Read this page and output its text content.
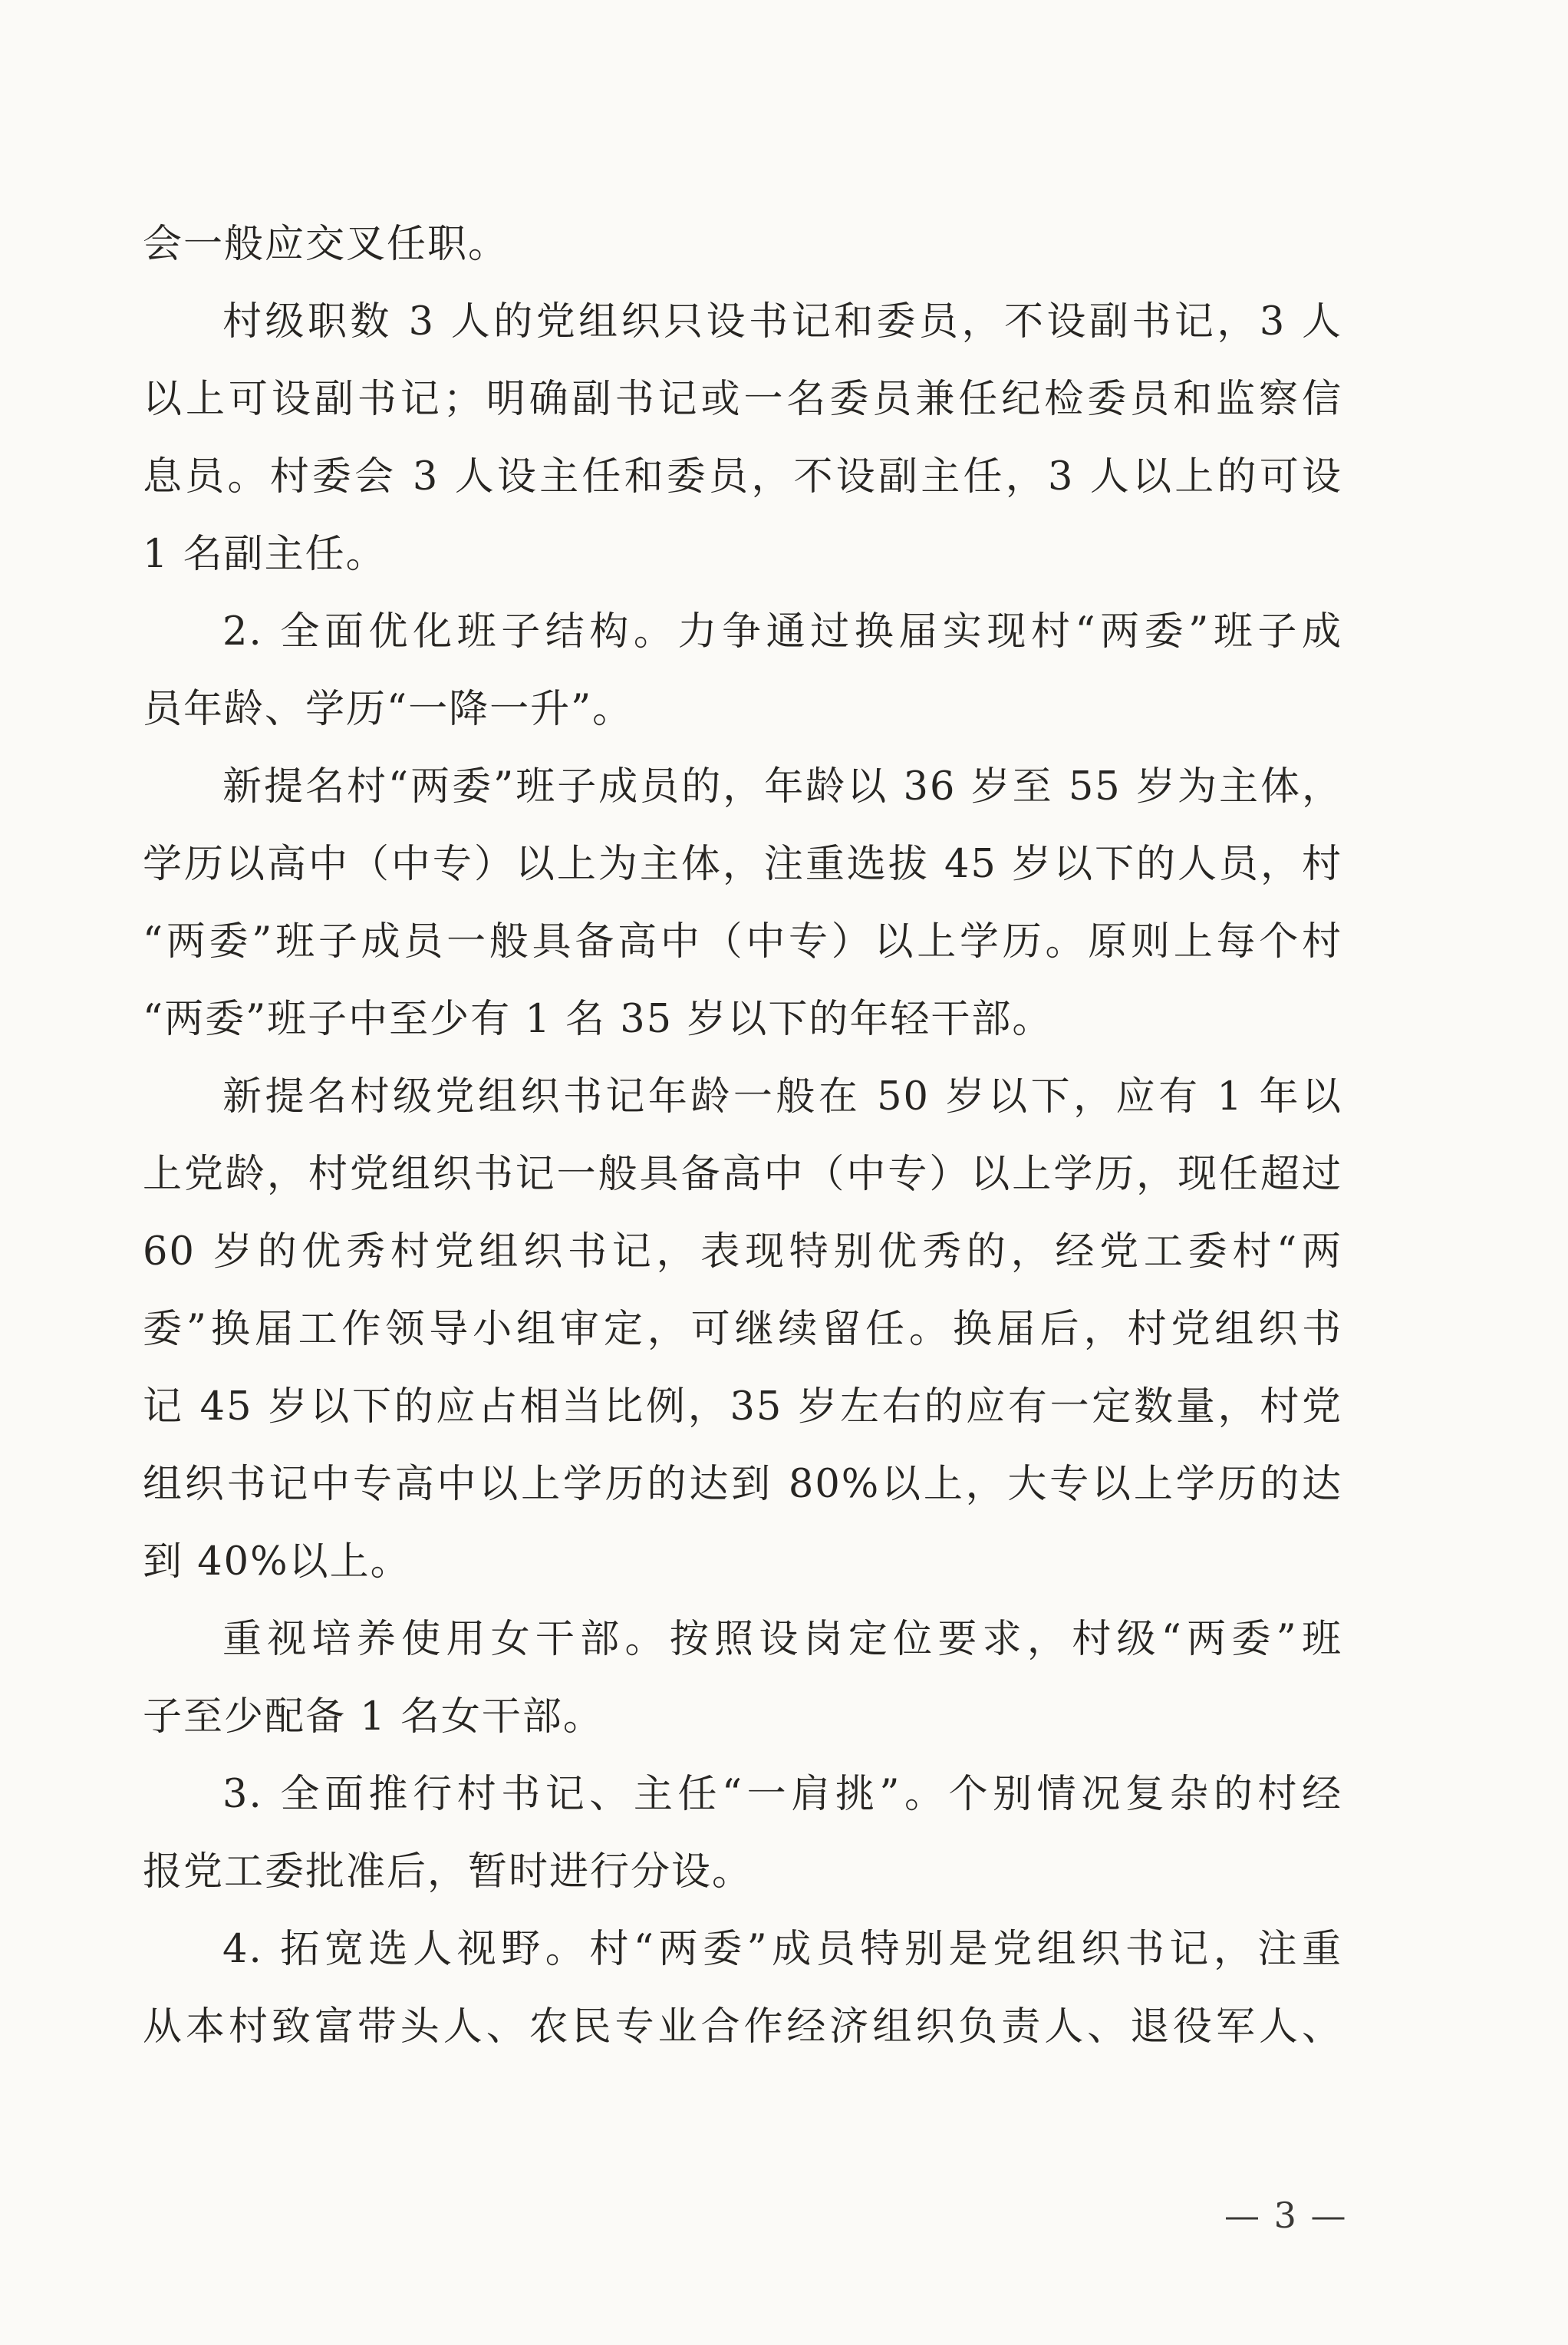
会一般应交叉任职。
村级职数 3 人的党组织只设书记和委员，不设副书记，3 人
以上可设副书记；明确副书记或一名委员兼任纪检委员和监察信
息员。村委会 3 人设主任和委员，不设副主任，3 人以上的可设
1 名副主任。
2. 全面优化班子结构。力争通过换届实现村“两委”班子成
员年龄、学历“一降一升”。
新提名村“两委”班子成员的，年龄以 36 岁至 55 岁为主体，
学历以高中（中专）以上为主体，注重选拔 45 岁以下的人员，村
“两委”班子成员一般具备高中（中专）以上学历。原则上每个村
“两委”班子中至少有 1 名 35 岁以下的年轻干部。
新提名村级党组织书记年龄一般在 50 岁以下，应有 1 年以
上党龄，村党组织书记一般具备高中（中专）以上学历，现任超过
60 岁的优秀村党组织书记，表现特别优秀的，经党工委村“两
委”换届工作领导小组审定，可继续留任。换届后，村党组织书
记 45 岁以下的应占相当比例，35 岁左右的应有一定数量，村党
组织书记中专高中以上学历的达到 80%以上，大专以上学历的达
到 40%以上。
重视培养使用女干部。按照设岗定位要求，村级“两委”班
子至少配备 1 名女干部。
3. 全面推行村书记、主任“一肩挑”。个别情况复杂的村经
报党工委批准后，暂时进行分设。
4. 拓宽选人视野。村“两委”成员特别是党组织书记，注重
从本村致富带头人、农民专业合作经济组织负责人、退役军人、
— 3 —
